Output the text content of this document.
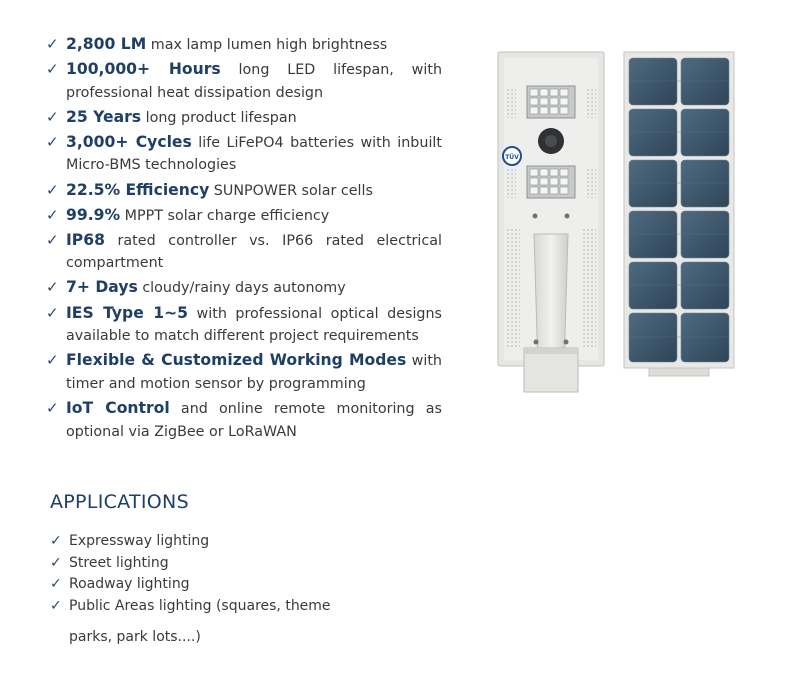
✓ 2,800 LM max lamp lumen high brightness
✓ 100,000+ Hours long LED lifespan, with professional heat dissipation design
✓ 25 Years long product lifespan
✓ 3,000+ Cycles life LiFePO4 batteries with inbuilt Micro-BMS technologies
✓ 22.5% Efficiency SUNPOWER solar cells
✓ 99.9% MPPT solar charge efficiency
✓ IP68 rated controller vs. IP66 rated electrical compartment
✓ 7+ Days cloudy/rainy days autonomy
✓ IES Type 1~5 with professional optical designs available to match different project requirements
✓ Flexible & Customized Working Modes with timer and motion sensor by programming
✓ IoT Control and online remote monitoring as optional via ZigBee or LoRaWAN
APPLICATIONS
✓ Expressway lighting
✓ Street lighting
✓ Roadway lighting
✓ Public Areas lighting (squares, theme
parks, park lots....)
TÜV
